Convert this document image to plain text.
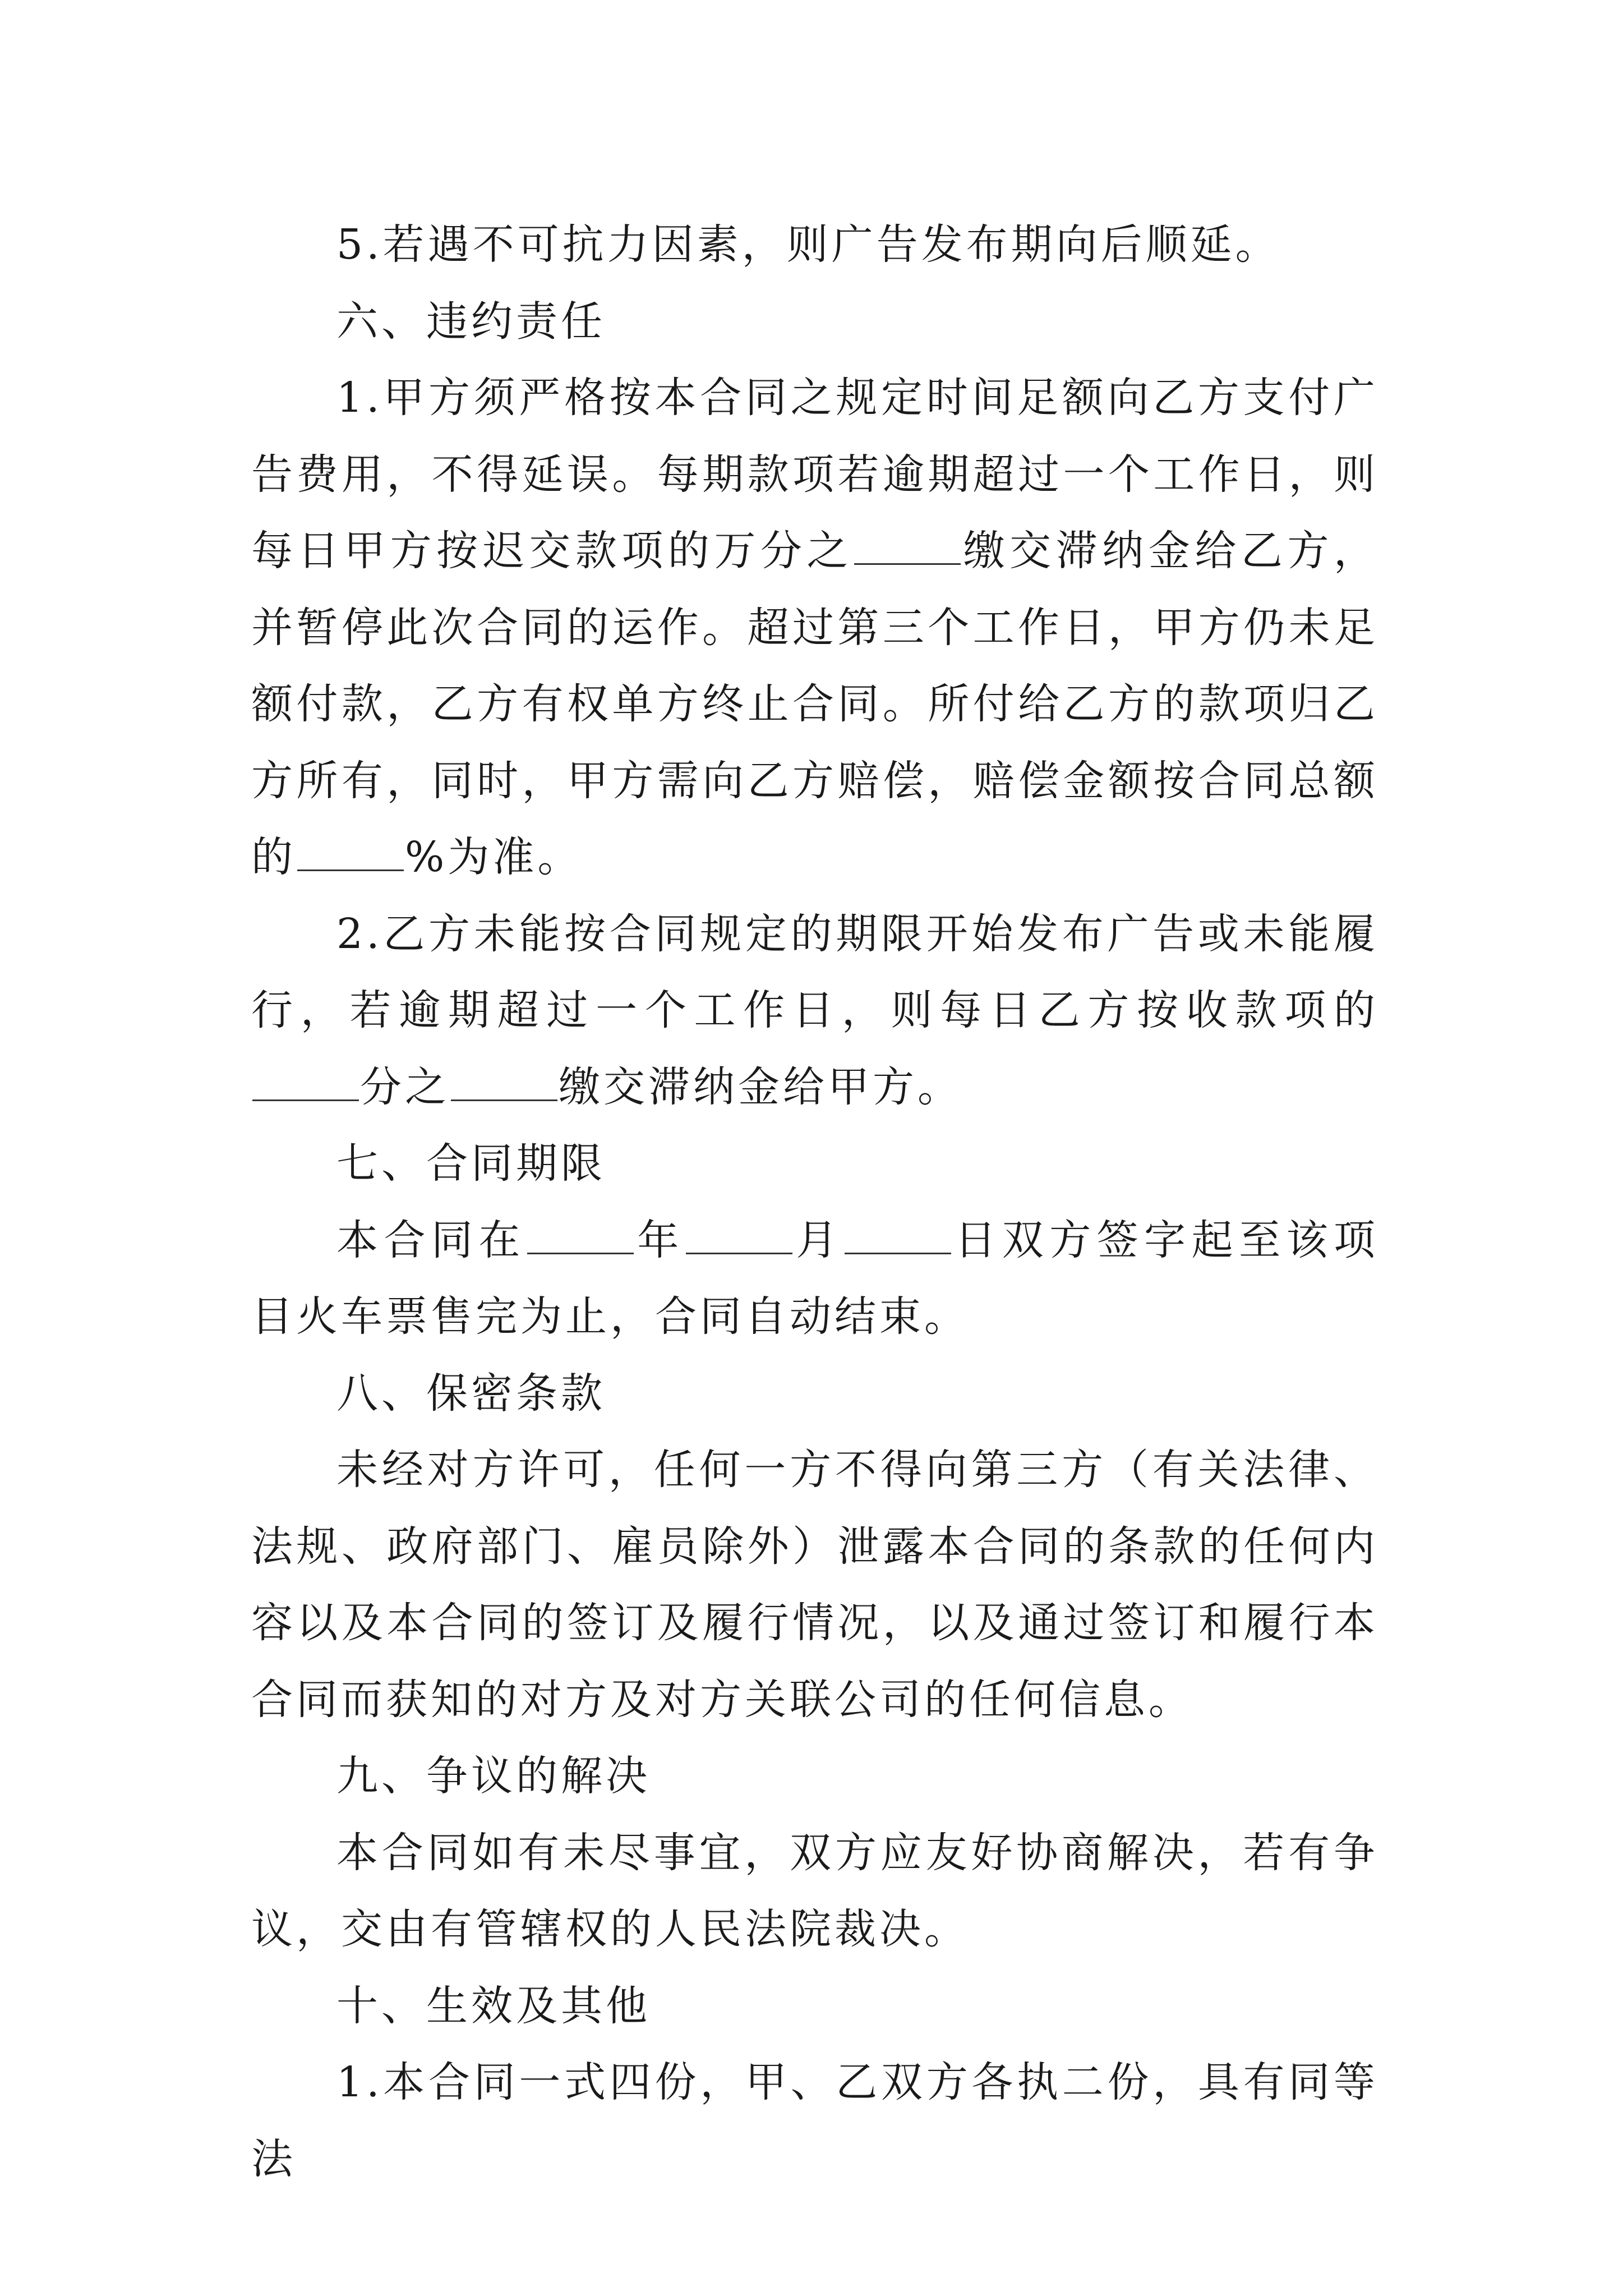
5.若遇不可抗力因素，则广告发布期向后顺延。

六、违约责任

1.甲方须严格按本合同之规定时间足额向乙方支付广告费用，不得延误。每期款项若逾期超过一个工作日，则每日甲方按迟交款项的万分之	缴交滞纳金给乙方，并暂停此次合同的运作。超过第三个工作日，甲方仍未足额付款，乙方有权单方终止合同。所付给乙方的款项归乙方所有，同时，甲方需向乙方赔偿，赔偿金额按合同总额的	%为准。

2.乙方未能按合同规定的期限开始发布广告或未能履行，若逾期超过一个工作日，则每日乙方按收款项的分之	缴交滞纳金给甲方。

七、合同期限

本合同在	年	月	日双方签字起至该项目火车票售完为止，合同自动结束。

八、保密条款

未经对方许可，任何一方不得向第三方（有关法律、法规、政府部门、雇员除外）泄露本合同的条款的任何内容以及本合同的签订及履行情况，以及通过签订和履行本合同而获知的对方及对方关联公司的任何信息。

九、争议的解决

本合同如有未尽事宜，双方应友好协商解决，若有争议，交由有管辖权的人民法院裁决。

十、生效及其他

1.本合同一式四份，甲、乙双方各执二份，具有同等法
